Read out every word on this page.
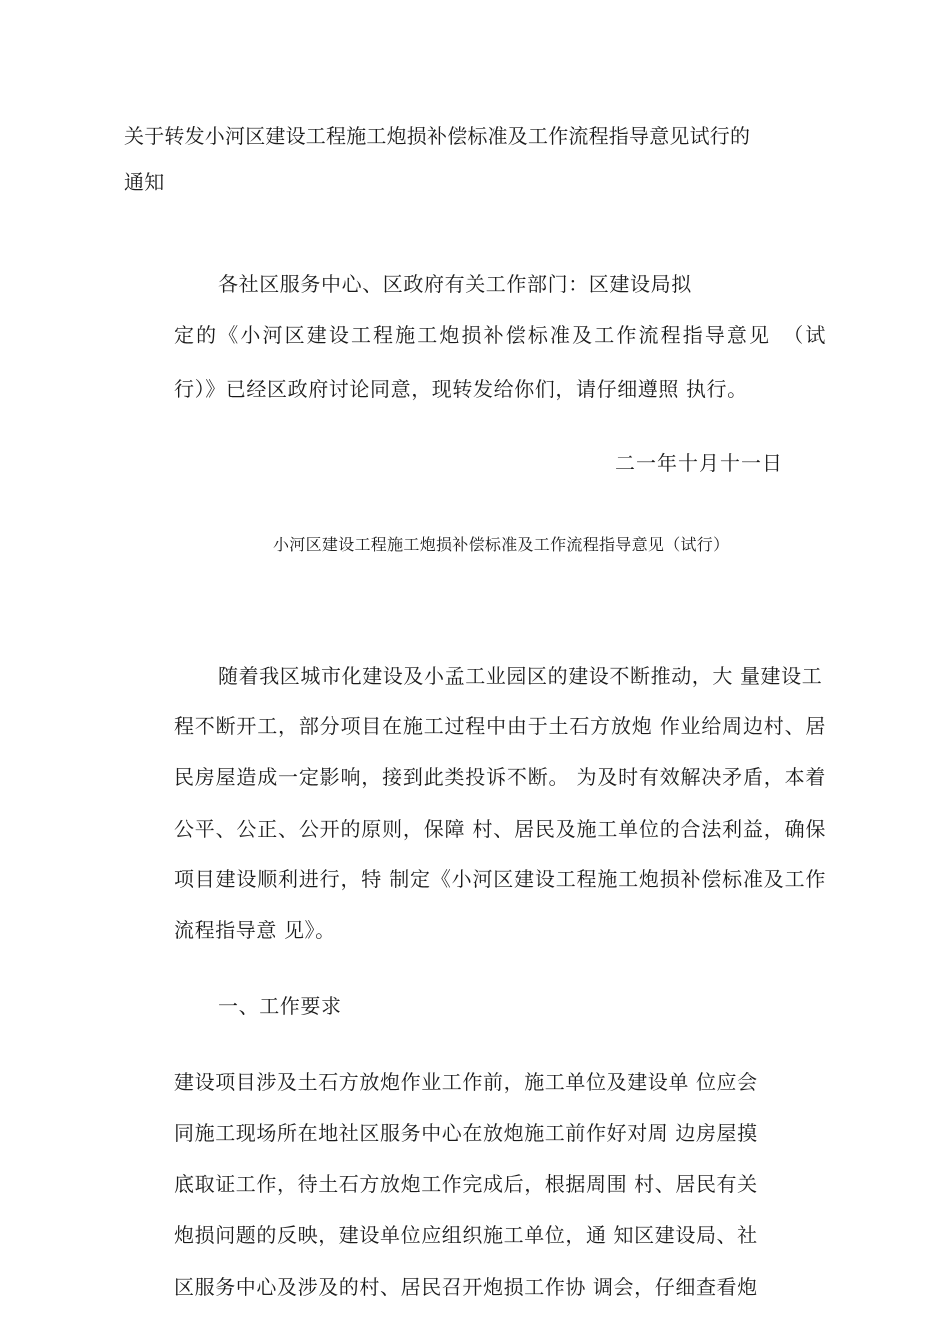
关于转发小河区建设工程施工炮损补偿标准及工作流程指导意见试行的
通知
各社区服务中心、区政府有关工作部门：区建设局拟
定的《小河区建设工程施工炮损补偿标准及工作流程指导意见　（试
行）》已经区政府讨论同意，现转发给你们，请仔细遵照 执行。
二一年十月十一日
小河区建设工程施工炮损补偿标准及工作流程指导意见（试行）
随着我区城市化建设及小孟工业园区的建设不断推动，大 量建设工
程不断开工，部分项目在施工过程中由于土石方放炮 作业给周边村、居
民房屋造成一定影响，接到此类投诉不断。 为及时有效解决矛盾，本着
公平、公正、公开的原则，保障 村、居民及施工单位的合法利益，确保
项目建设顺利进行，特 制定《小河区建设工程施工炮损补偿标准及工作
流程指导意 见》。
一、工作要求
建设项目涉及土石方放炮作业工作前，施工单位及建设单 位应会
同施工现场所在地社区服务中心在放炮施工前作好对周 边房屋摸
底取证工作，待土石方放炮工作完成后，根据周围 村、居民有关
炮损问题的反映，建设单位应组织施工单位，通 知区建设局、社
区服务中心及涉及的村、居民召开炮损工作协 调会，仔细查看炮
